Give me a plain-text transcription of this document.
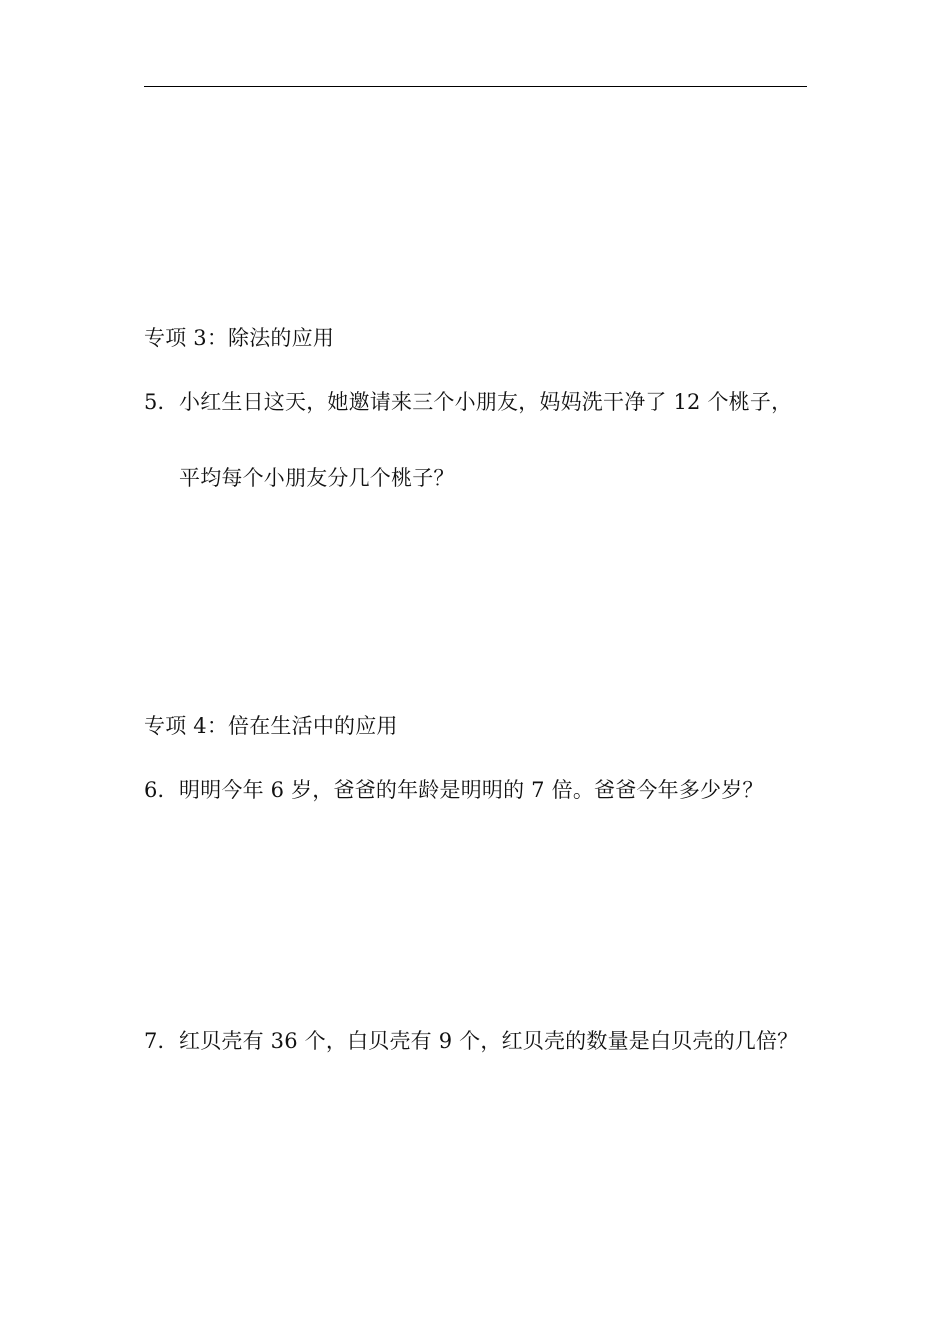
专项 3：除法的应用
5．小红生日这天，她邀请来三个小朋友，妈妈洗干净了 12 个桃子，
平均每个小朋友分几个桃子？
专项 4：倍在生活中的应用
6．明明今年 6 岁，爸爸的年龄是明明的 7 倍。爸爸今年多少岁？
7．红贝壳有 36 个，白贝壳有 9 个，红贝壳的数量是白贝壳的几倍？
